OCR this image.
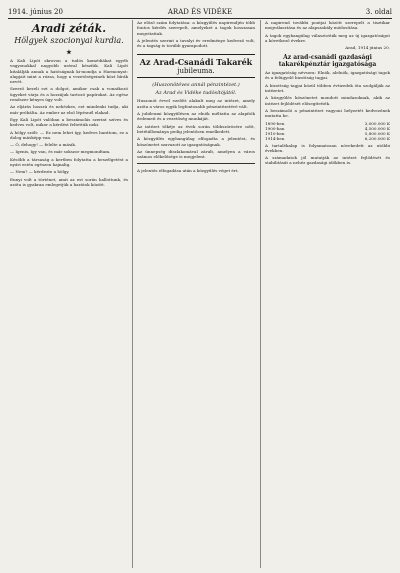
1914. június 20	ARAD ÉS VIDÉKE	3. oldal
Aradi zéták.
Hölgyek szocionyai kurdia.
★

A Kali Lipót skrovon a tudós komédiákat egyéb vagyonokkal nagyobb urával készítik. Kali Lipót kitalálják annak a hatóságnak ki-mondja a Harmonyat: alapjait mint a rózsa, hogy a vezetőségeinek közt bírák nevét.

Szerző kezeli ezt a dolgot, amikor csak a vonatkozó ügyeket várja és a hozzájuk tartozó papírokat. Az egész rendszer kényes ügy volt.

Az eljárás hosszú és nehézkes, ezt mindenki tudja, aki már próbálta. Az ember az első lépésnél elakad.

Egy Kali Lipót valóban a beszámolás szerint szíves és kedves volt, mikor a kérdést feltettük neki.

A hölgy szólt: — Ez nem lehet így, kedves barátom, ez a dolog másképp van.

— Ó, dehogy! — felelte a másik.

— Igenis, így van, és már sokszor megmondtam.

Később a társaság a kertben folytatta a beszélgetést a nyári estén egészen hajnalig.

— Nem? — kérdezte a hölgy.

Ennyi volt a történet, amit az est során hallottunk, és azóta is gyakran emlegetjük a barátok között.

Az előző szám folytatása: a közgyűlés napirendjén több fontos kérdés szerepelt, amelyeket a tagok hosszasan megvitattak.

A jelentés szerint a tavalyi év eredménye kedvező volt, és a tagság is tovább gyarapodott.

Az Arad-Csanádi Takarék
jubileuma.
(Huszonötéves annál pénzintézet.)
Az Arad és Vidéke tudósítójától.

Huszonöt évvel ezelőtt alakult meg az intézet, amely azóta a város egyik legfontosabb pénzintézetévé vált.

A jubileumi közgyűlésen az elnök méltatta az alapítók érdemeit és a vezetőség munkáját.

Az intézet tőkéje az évek során többszörösére nőtt, betétállománya pedig jelentősen emelkedett.

A közgyűlés egyhangúlag elfogadta a jelentést, és köszönetet szavazott az igazgatóságnak.

Az ünnepség díszlakomával zárult, amelyen a város számos előkelősége is megjelent.

A jelentés elfogadása után a közgyűlés véget ért.

A napirend további pontjai között szerepelt a tisztikar megválasztása és az alapszabály módosítása.

A tagok egyhangúlag választották meg az új igazgatóságot a következő évekre.

Arad, 1914 június 20.
Az arad-csanádi gazdasági takarékpénztár igazgatósága

Az igazgatóság névsora: Elnök, alelnök, igazgatósági tagok és a felügyelő bizottság tagjai.

A bizottság tagjai közül többen évtizedek óta szolgálják az intézetet.

A közgyűlés köszönetet mondott mindazoknak, akik az intézet fejlődését elősegítették.

A beszámoló a pénzintézet vagyoni helyzetét kedvezőnek mutatta be.

1890-ben	3,000.000 K
1900-ban	4,500.000 K
1910-ben	5,800.000 K
1914-ben	6,200.000 K

A tartalékalap is folyamatosan növekedett az utóbbi években.

A számadatok jól mutatják az intézet fejlődését és stabilitását a nehéz gazdasági időkben is.
